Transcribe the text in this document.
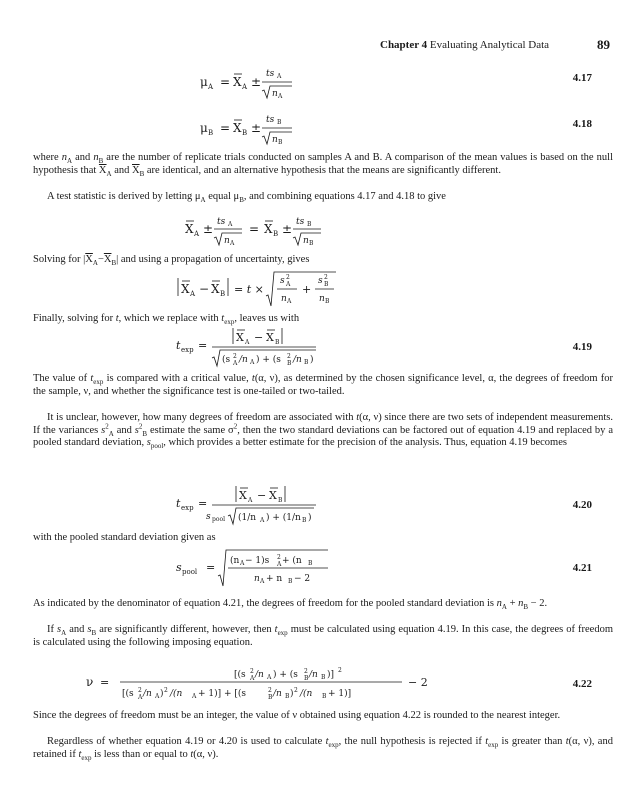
Chapter 4 Evaluating Analytical Data	89
μ A = X A ±
ts A
n A
4.17
μ B = X B ±
ts B
n B
4.18
where $n_A$ and $n_B$ are the number of replicate trials conducted on samples A and B. A comparison of the mean values is based on the null hypothesis that $\overline{X}_A$ and $\overline{X}_B$ are identical, and an alternative hypothesis that the means are significantly different.
A test statistic is derived by letting $\mu_A$ equal $\mu_B$, and combining equations 4.17 and 4.18 to give
X A ± ts A
n A
= X B ± ts B
n B
Solving for $|\overline{X}_A-\overline{X}_B|$ and using a propagation of uncertainty, gives
X A − X B = t ×
s 2
A
n A
+
s 2
B
n B
Finally, solving for t, which we replace with $t_{exp}$, leaves us with
t exp =
X A − X B
(s 2
A /n A ) + (s 2
B /n B )
4.19
The value of $t_{exp}$ is compared with a critical value, t(α, ν), as determined by the chosen significance level, α, the degrees of freedom for the sample, ν, and whether the significance test is one-tailed or two-tailed.
It is unclear, however, how many degrees of freedom are associated with t(α, ν) since there are two sets of independent measurements. If the variances $s^2_A$ and $s^2_B$ estimate the same $\sigma^2$, then the two standard deviations can be factored out of equation 4.19 and replaced by a pooled standard deviation, $s_{pool}$, which provides a better estimate for the precision of the analysis. Thus, equation 4.19 becomes
t exp =
X A − X B
s pool (1/n A ) + (1/n B )
4.20
with the pooled standard deviation given as
s pool = (n A − 1)s 2
A + (n B
n A + n B − 2
4.21
As indicated by the denominator of equation 4.21, the degrees of freedom for the pooled standard deviation is $n_A + n_B - 2$.
If $s_A$ and $s_B$ are significantly different, however, then $t_{exp}$ must be calculated using equation 4.19. In this case, the degrees of freedom is calculated using the following imposing equation.
ν =
[(s 2
A /n A ) + (s 2
B /n B )] 2
[(s 2
A /n A ) 2 /(n A + 1)] + [(s	2
B /n B ) 2 /(n B + 1)]
− 2	4.22
Since the degrees of freedom must be an integer, the value of ν obtained using equation 4.22 is rounded to the nearest integer.
Regardless of whether equation 4.19 or 4.20 is used to calculate $t_{exp}$, the null hypothesis is rejected if $t_{exp}$ is greater than t(α, ν), and retained if $t_{exp}$ is less than or equal to t(α, ν).
